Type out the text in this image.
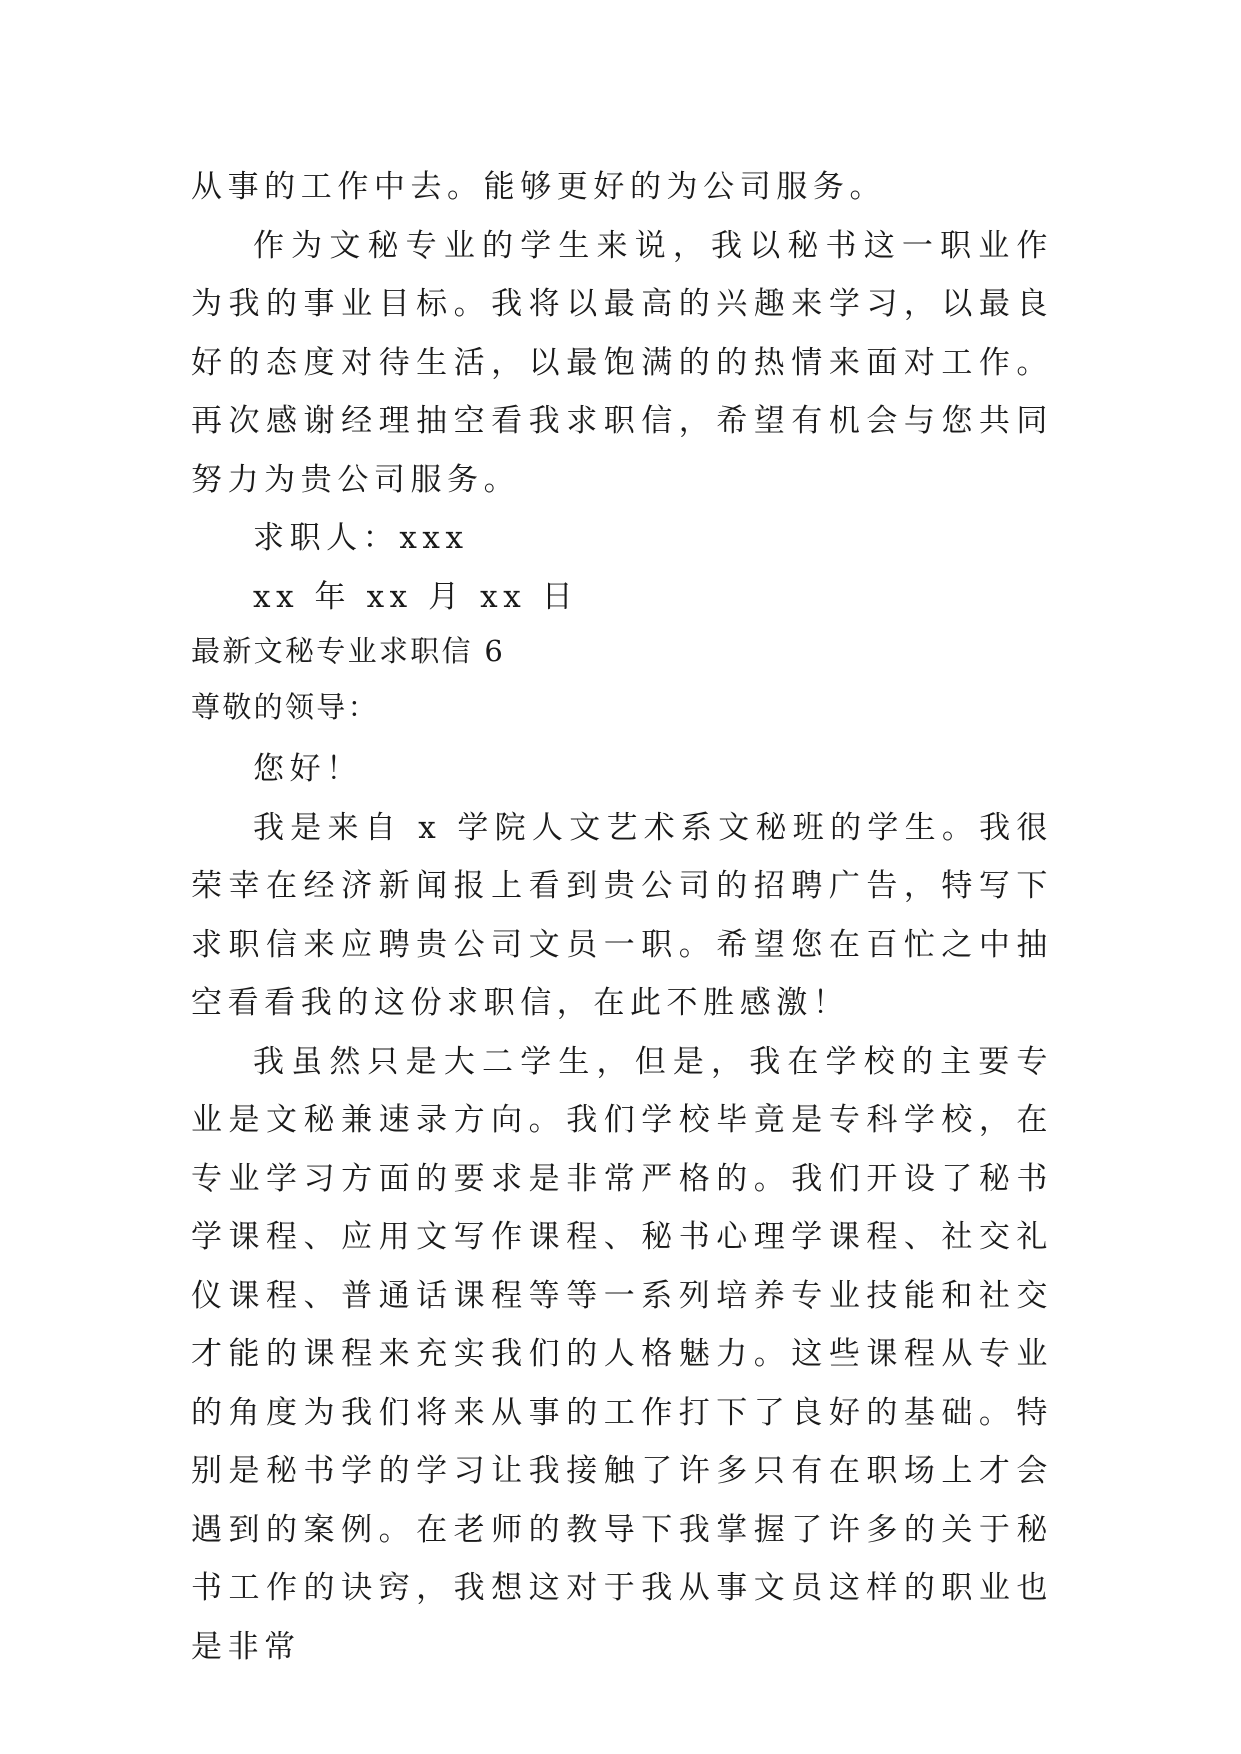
从事的工作中去。能够更好的为公司服务。

作为文秘专业的学生来说，我以秘书这一职业作为我的事业目标。我将以最高的兴趣来学习，以最良好的态度对待生活，以最饱满的的热情来面对工作。再次感谢经理抽空看我求职信，希望有机会与您共同努力为贵公司服务。

求职人：xxx

xx 年 xx 月 xx 日

最新文秘专业求职信 6
尊敬的领导：

您好！

我是来自 x 学院人文艺术系文秘班的学生。我很荣幸在经济新闻报上看到贵公司的招聘广告，特写下求职信来应聘贵公司文员一职。希望您在百忙之中抽空看看我的这份求职信，在此不胜感激！

我虽然只是大二学生，但是，我在学校的主要专业是文秘兼速录方向。我们学校毕竟是专科学校，在专业学习方面的要求是非常严格的。我们开设了秘书学课程、应用文写作课程、秘书心理学课程、社交礼仪课程、普通话课程等等一系列培养专业技能和社交才能的课程来充实我们的人格魅力。这些课程从专业的角度为我们将来从事的工作打下了良好的基础。特别是秘书学的学习让我接触了许多只有在职场上才会遇到的案例。在老师的教导下我掌握了许多的关于秘书工作的诀窍，我想这对于我从事文员这样的职业也是非常
